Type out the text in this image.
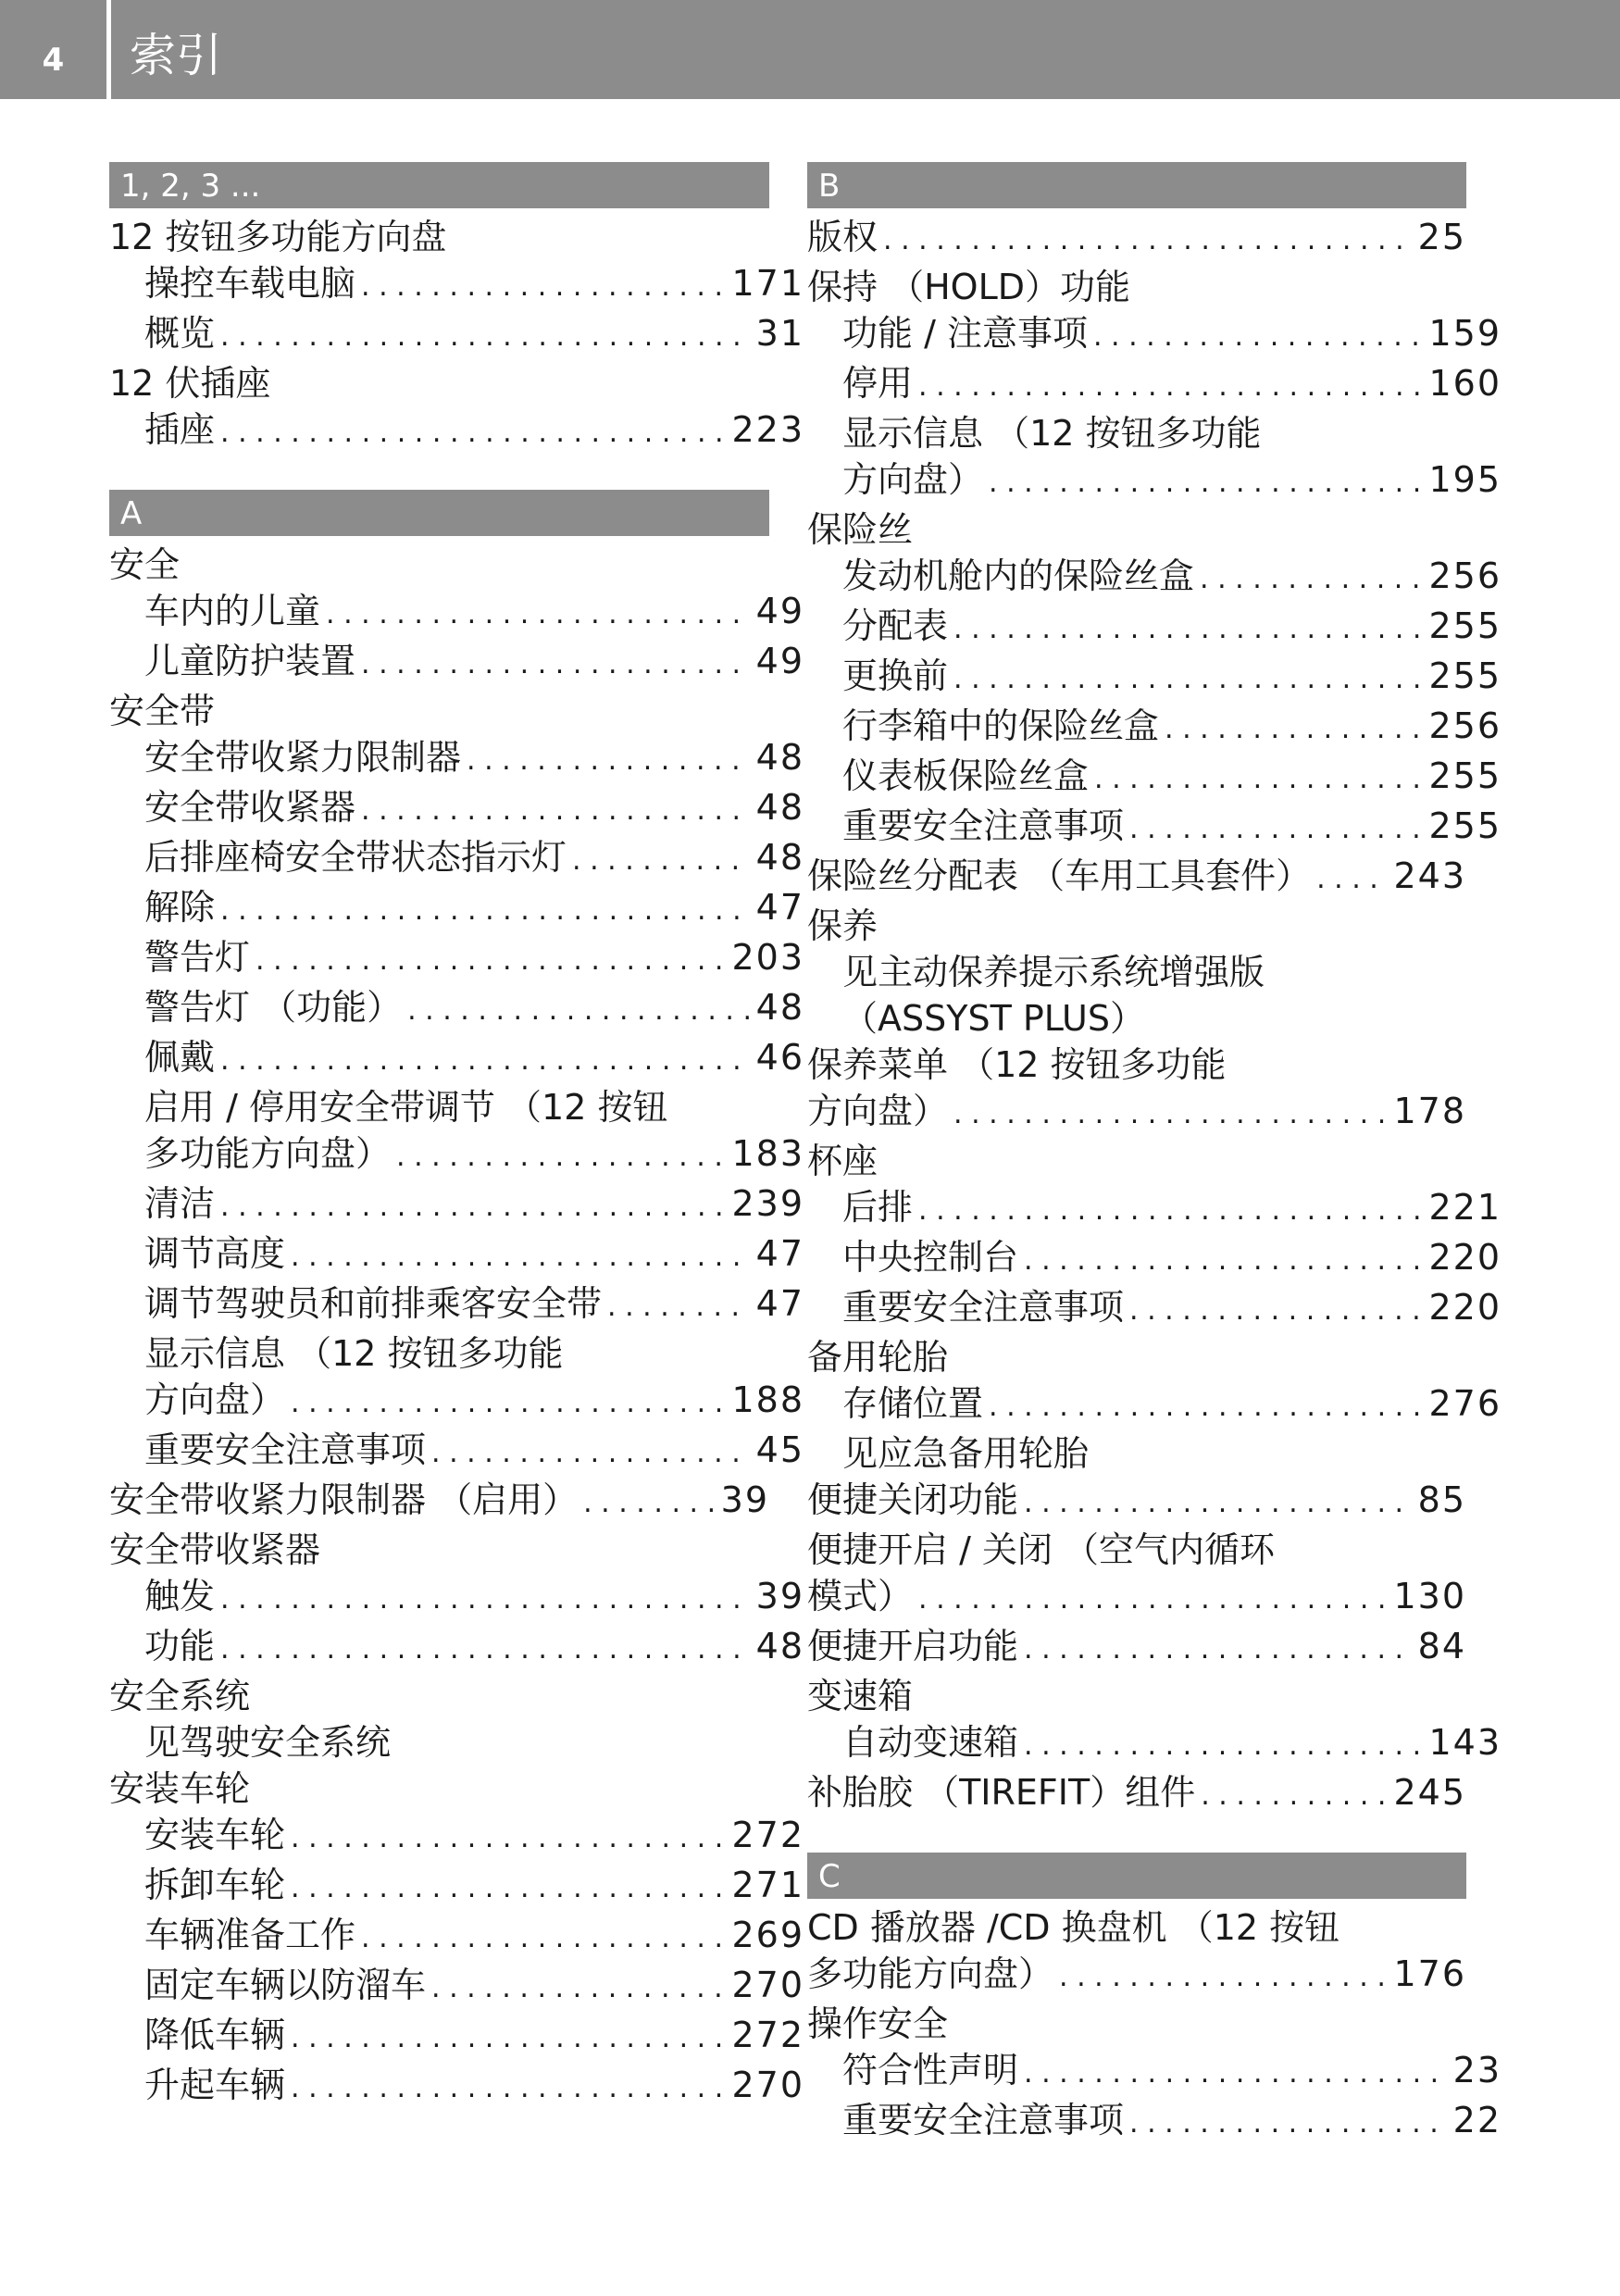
4	索引
1, 2, 3 ...
12 按钮多功能方向盘
操控车载电脑 . . .	171
概览 . . .	31
12 伏插座
插座 . . .	223
A
安全
车内的儿童 . . .	49
儿童防护装置 . . .	49
安全带
安全带收紧力限制器 . . .	48
安全带收紧器 . . .	48
后排座椅安全带状态指示灯 . . .	48
解除 . . .	47
警告灯 . . .	203
警告灯 （功能） . . .	48
佩戴 . . .	46
启用 / 停用安全带调节 （12 按钮
多功能方向盘） . . .	183
清洁 . . .	239
调节高度 . . .	47
调节驾驶员和前排乘客安全带 . . .	47
显示信息 （12 按钮多功能
方向盘） . . .	188
重要安全注意事项 . . .	45
安全带收紧力限制器 （启用） . . .	39
安全带收紧器
触发 . . .	39
功能 . . .	48
安全系统
见驾驶安全系统
安装车轮
安装车轮 . . .	272
拆卸车轮 . . .	271
车辆准备工作 . . .	269
固定车辆以防溜车 . . .	270
降低车辆 . . .	272
升起车辆 . . .	270
B
版权 . . .	25
保持 （HOLD）功能
功能 / 注意事项 . . .	159
停用 . . .	160
显示信息 （12 按钮多功能
方向盘） . . .	195
保险丝
发动机舱内的保险丝盒 . . .	256
分配表 . . .	255
更换前 . . .	255
行李箱中的保险丝盒 . . .	256
仪表板保险丝盒 . . .	255
重要安全注意事项 . . .	255
保险丝分配表 （车用工具套件） . . . 243
保养
见主动保养提示系统增强版
（ASSYST PLUS）
保养菜单 （12 按钮多功能
方向盘） . . .	178
杯座
后排 . . .	221
中央控制台 . . .	220
重要安全注意事项 . . .	220
备用轮胎
存储位置 . . .	276
见应急备用轮胎
便捷关闭功能 . . .	85
便捷开启 / 关闭 （空气内循环
模式） . . .	130
便捷开启功能 . . .	84
变速箱
自动变速箱 . . .	143
补胎胶 （TIREFIT）组件 . . .	245
C
CD 播放器 /CD 换盘机 （12 按钮
多功能方向盘） . . .	176
操作安全
符合性声明 . . .	23
重要安全注意事项 . . .	22
